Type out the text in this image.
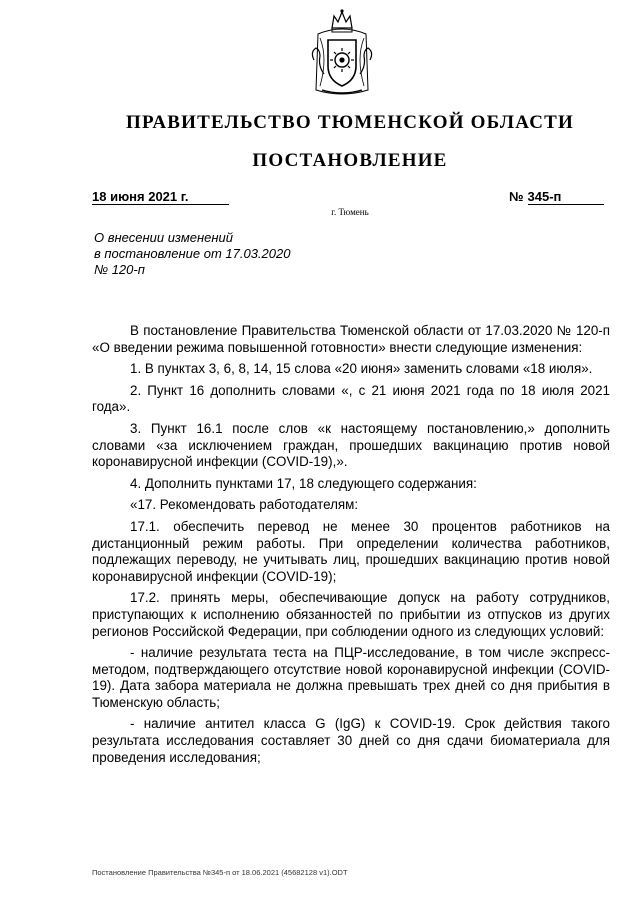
ПРАВИТЕЛЬСТВО ТЮМЕНСКОЙ ОБЛАСТИ
ПОСТАНОВЛЕНИЕ
18 июня 2021 г.	№ 345-п
г. Тюмень
О внесении изменений
в постановление от 17.03.2020
№ 120-п

В постановление Правительства Тюменской области от 17.03.2020 № 120-п «О введении режима повышенной готовности» внести следующие изменения:

1. В пунктах 3, 6, 8, 14, 15 слова «20 июня» заменить словами «18 июля».

2. Пункт 16 дополнить словами «, с 21 июня 2021 года по 18 июля 2021 года».

3. Пункт 16.1 после слов «к настоящему постановлению,» дополнить словами «за исключением граждан, прошедших вакцинацию против новой коронавирусной инфекции (COVID-19),».

4. Дополнить пунктами 17, 18 следующего содержания:

«17. Рекомендовать работодателям:

17.1. обеспечить перевод не менее 30 процентов работников на дистанционный режим работы. При определении количества работников, подлежащих переводу, не учитывать лиц, прошедших вакцинацию против новой коронавирусной инфекции (COVID-19);

17.2. принять меры, обеспечивающие допуск на работу сотрудников, приступающих к исполнению обязанностей по прибытии из отпусков из других регионов Российской Федерации, при соблюдении одного из следующих условий:

- наличие результата теста на ПЦР-исследование, в том числе экспресс-методом, подтверждающего отсутствие новой коронавирусной инфекции (COVID-19). Дата забора материала не должна превышать трех дней со дня прибытия в Тюменскую область;

- наличие антител класса G (IgG) к COVID-19. Срок действия такого результата исследования составляет 30 дней со дня сдачи биоматериала для проведения исследования;

Постановление Правительства №345-п от 18.06.2021 (45682128 v1).ODT
